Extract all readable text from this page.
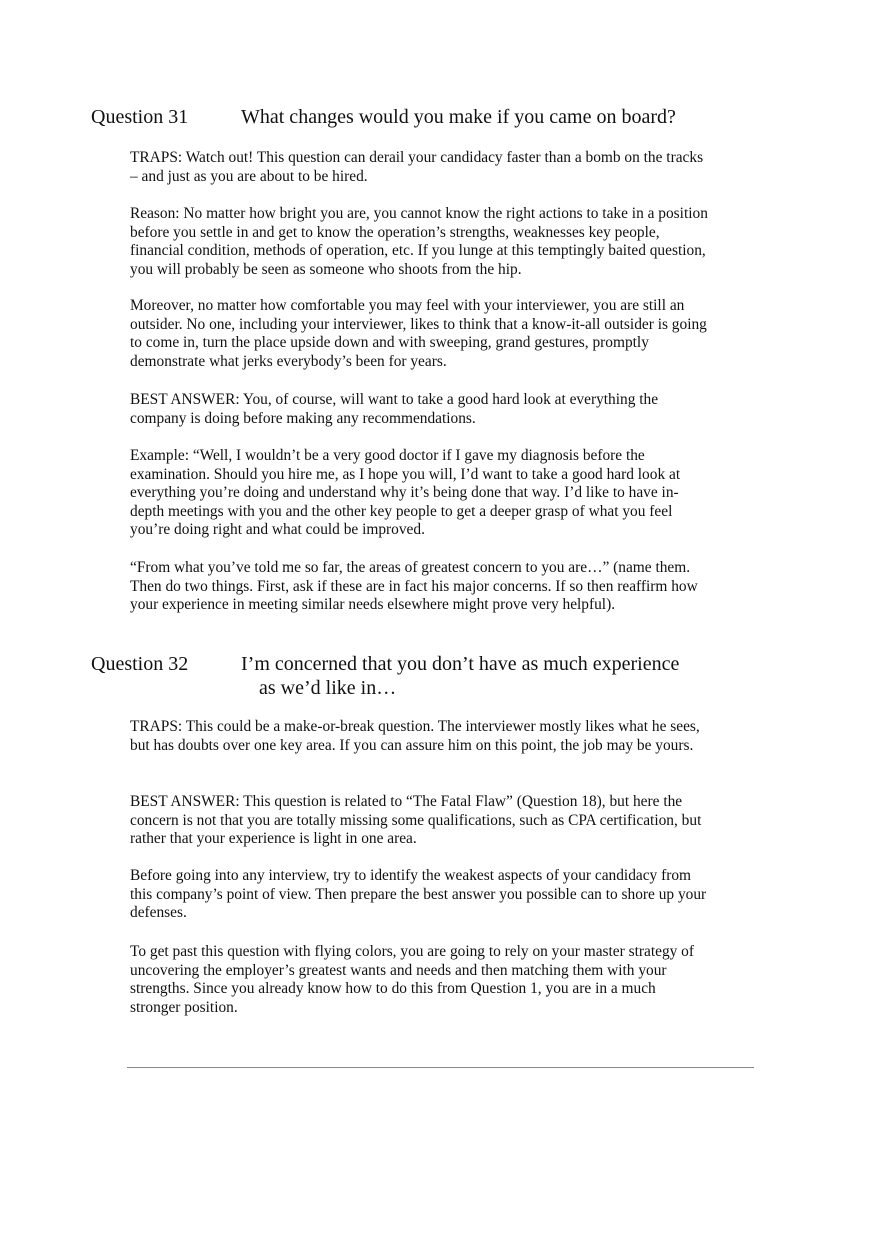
Question 31	What changes would you make if you came on board?

TRAPS: Watch out! This question can derail your candidacy faster than a bomb on the tracks – and just as you are about to be hired.

Reason: No matter how bright you are, you cannot know the right actions to take in a position before you settle in and get to know the operation’s strengths, weaknesses key people, financial condition, methods of operation, etc. If you lunge at this temptingly baited question, you will probably be seen as someone who shoots from the hip.

Moreover, no matter how comfortable you may feel with your interviewer, you are still an outsider. No one, including your interviewer, likes to think that a know-it-all outsider is going to come in, turn the place upside down and with sweeping, grand gestures, promptly demonstrate what jerks everybody’s been for years.

BEST ANSWER: You, of course, will want to take a good hard look at everything the company is doing before making any recommendations.

Example: “Well, I wouldn’t be a very good doctor if I gave my diagnosis before the examination. Should you hire me, as I hope you will, I’d want to take a good hard look at everything you’re doing and understand why it’s being done that way. I’d like to have in-depth meetings with you and the other key people to get a deeper grasp of what you feel you’re doing right and what could be improved.

“From what you’ve told me so far, the areas of greatest concern to you are…” (name them. Then do two things. First, ask if these are in fact his major concerns. If so then reaffirm how your experience in meeting similar needs elsewhere might prove very helpful).

Question 32	I’m concerned that you don’t have as much experience
as we’d like in…

TRAPS: This could be a make-or-break question. The interviewer mostly likes what he sees, but has doubts over one key area. If you can assure him on this point, the job may be yours.

BEST ANSWER: This question is related to “The Fatal Flaw” (Question 18), but here the concern is not that you are totally missing some qualifications, such as CPA certification, but rather that your experience is light in one area.

Before going into any interview, try to identify the weakest aspects of your candidacy from this company’s point of view. Then prepare the best answer you possible can to shore up your defenses.

To get past this question with flying colors, you are going to rely on your master strategy of uncovering the employer’s greatest wants and needs and then matching them with your strengths. Since you already know how to do this from Question 1, you are in a much stronger position.
